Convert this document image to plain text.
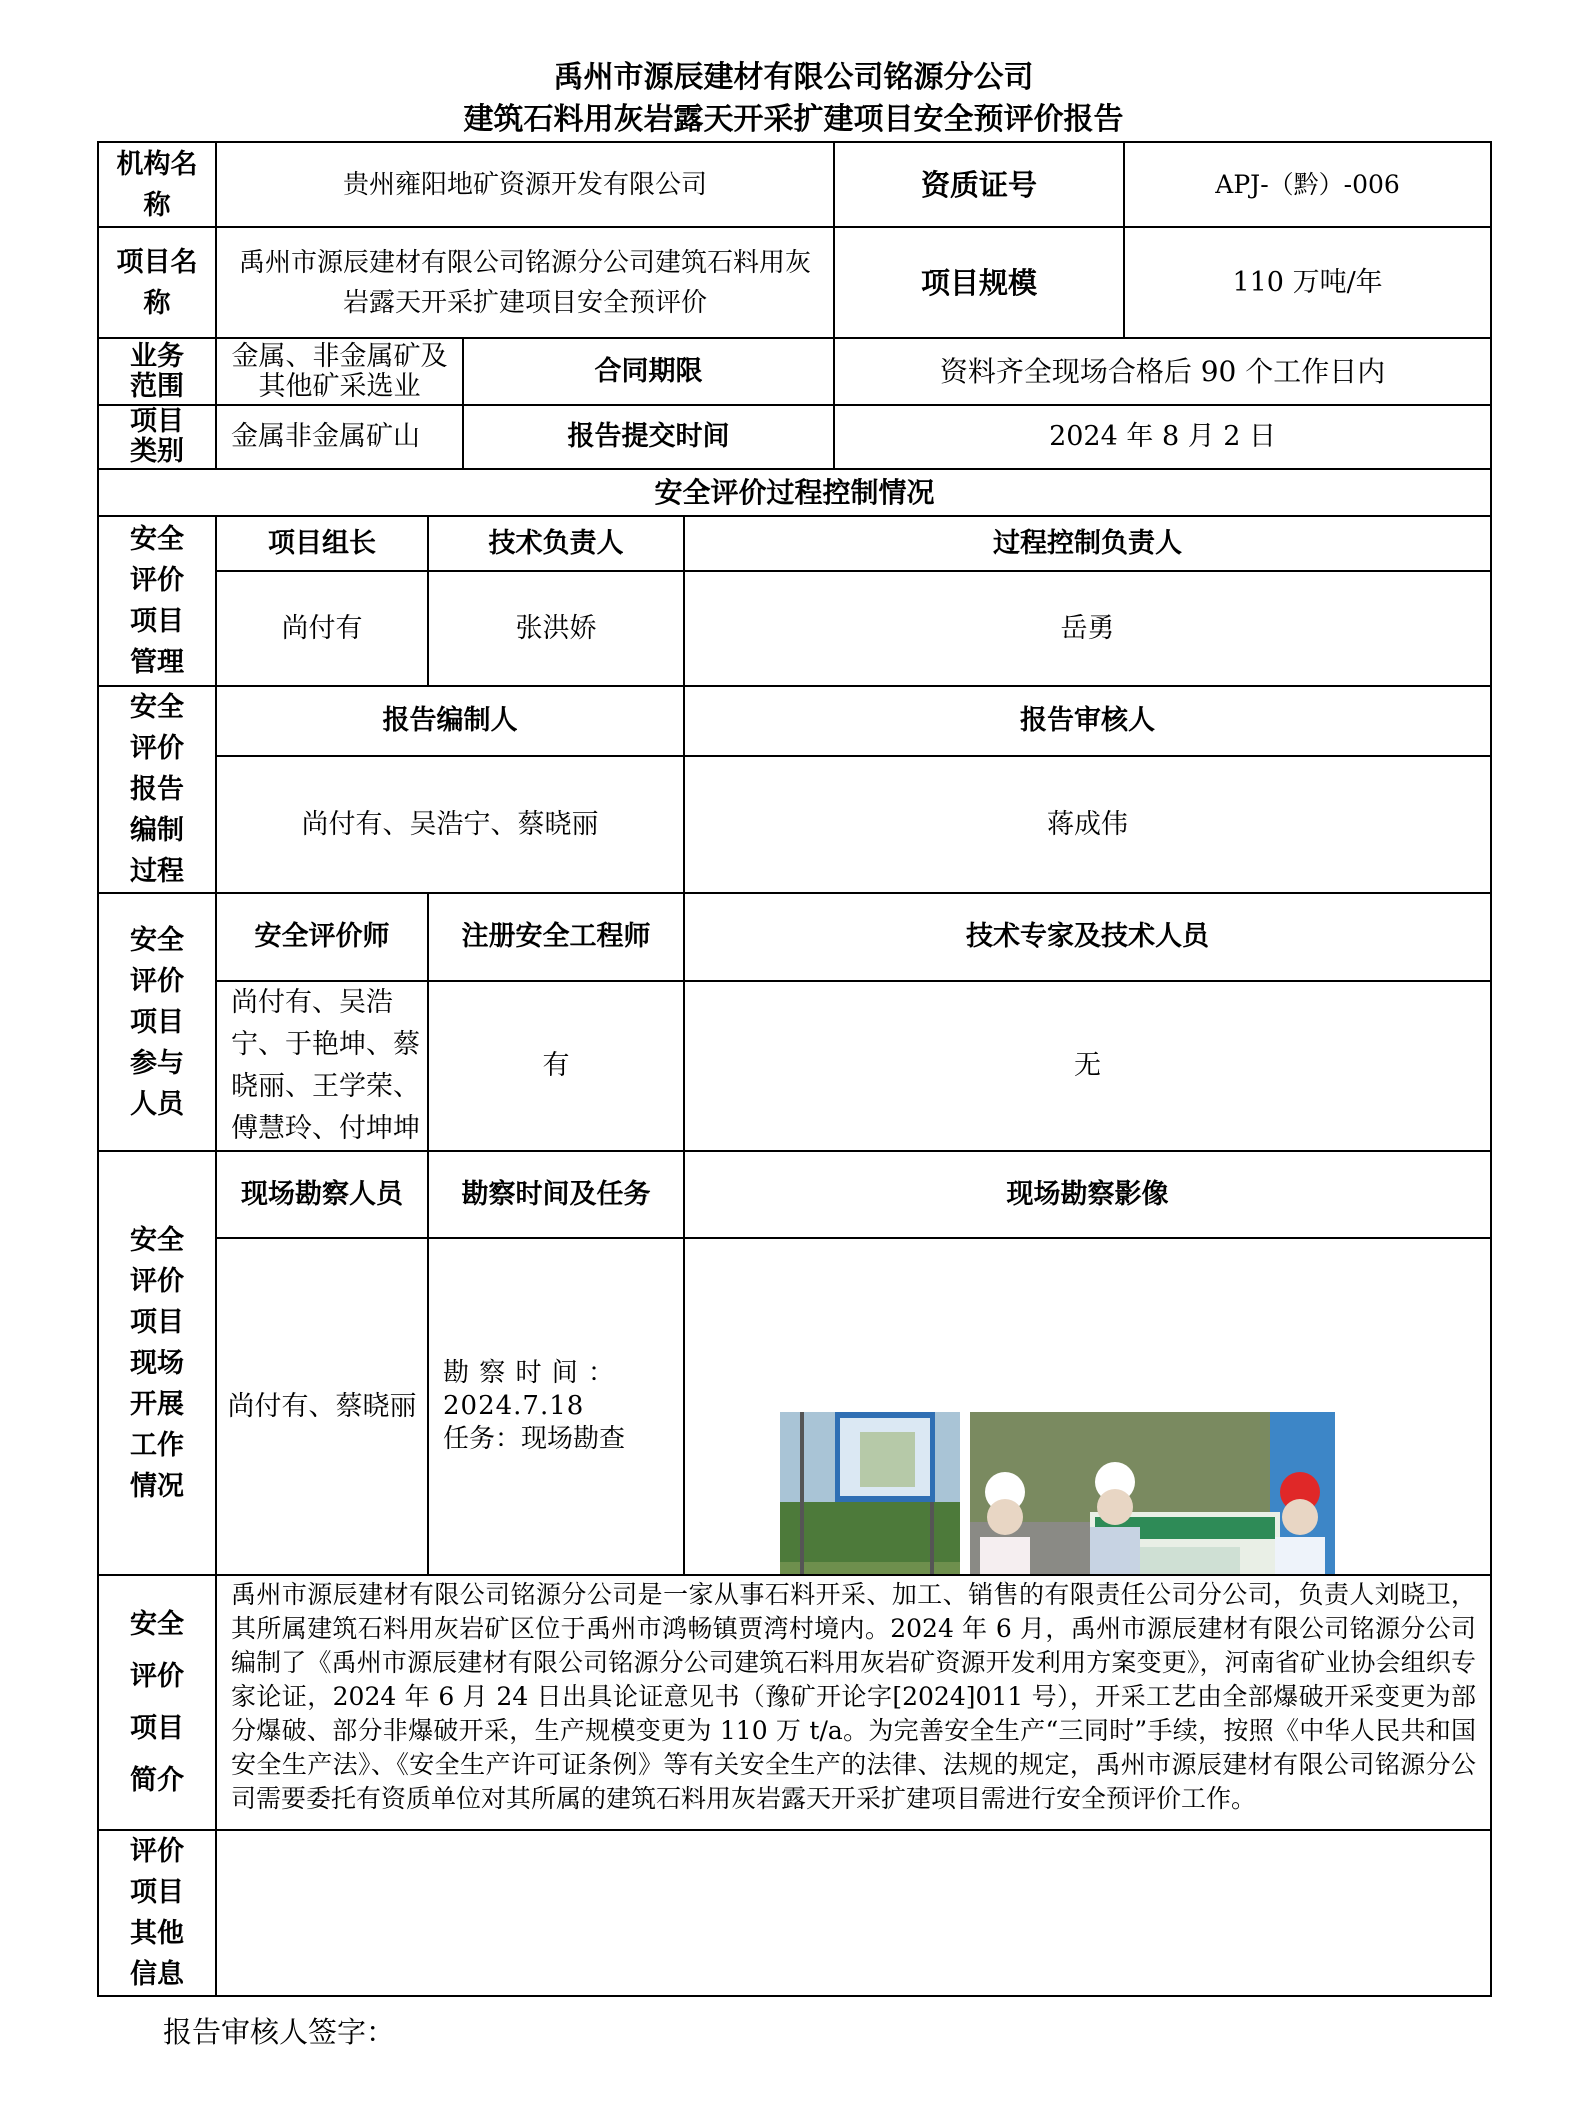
禹州市源辰建材有限公司铭源分公司
建筑石料用灰岩露天开采扩建项目安全预评价报告
机构名称	贵州雍阳地矿资源开发有限公司				资质证号	APJ-（黔）-006
项目名称	禹州市源辰建材有限公司铭源分公司建筑石料用灰岩露天开采扩建项目安全预评价				项目规模	110 万吨/年
业务范围	金属、非金属矿及其他矿采选业		合同期限		资料齐全现场合格后 90 个工作日内	
项目类别	金属非金属矿山		报告提交时间		2024 年 8 月 2 日	
安全评价过程控制情况						
安全评价项目管理	项目组长	技术负责人		过程控制负责人		
	尚付有	张洪娇		岳勇		
安全评价报告编制过程	报告编制人			报告审核人		
	尚付有、吴浩宁、蔡晓丽			蒋成伟		
安全评价项目参与人员	安全评价师	注册安全工程师		技术专家及技术人员		
	尚付有、吴浩宁、于艳坤、蔡晓丽、王学荣、傅慧玲、付坤坤	有		无		
安全评价项目现场开展工作情况	现场勘察人员	勘察时间及任务		现场勘察影像		
	尚付有、蔡晓丽	勘 察 时 间 ：2024.7.18
任务：现场勘查

安全评价项目简介	禹州市源辰建材有限公司铭源分公司是一家从事石料开采、加工、销售的有限责任公司分公司，负责人刘晓卫，其所属建筑石料用灰岩矿区位于禹州市鸿畅镇贾湾村境内。2024 年 6 月，禹州市源辰建材有限公司铭源分公司编制了《禹州市源辰建材有限公司铭源分公司建筑石料用灰岩矿资源开发利用方案变更》，河南省矿业协会组织专家论证，2024 年 6 月 24 日出具论证意见书（豫矿开论字[2024]011 号），开采工艺由全部爆破开采变更为部分爆破、部分非爆破开采，生产规模变更为 110 万 t/a。为完善安全生产“三同时”手续，按照《中华人民共和国安全生产法》、《安全生产许可证条例》等有关安全生产的法律、法规的规定，禹州市源辰建材有限公司铭源分公司需要委托有资质单位对其所属的建筑石料用灰岩露天开采扩建项目需进行安全预评价工作。					
评价项目其他信息						
报告审核人签字：
